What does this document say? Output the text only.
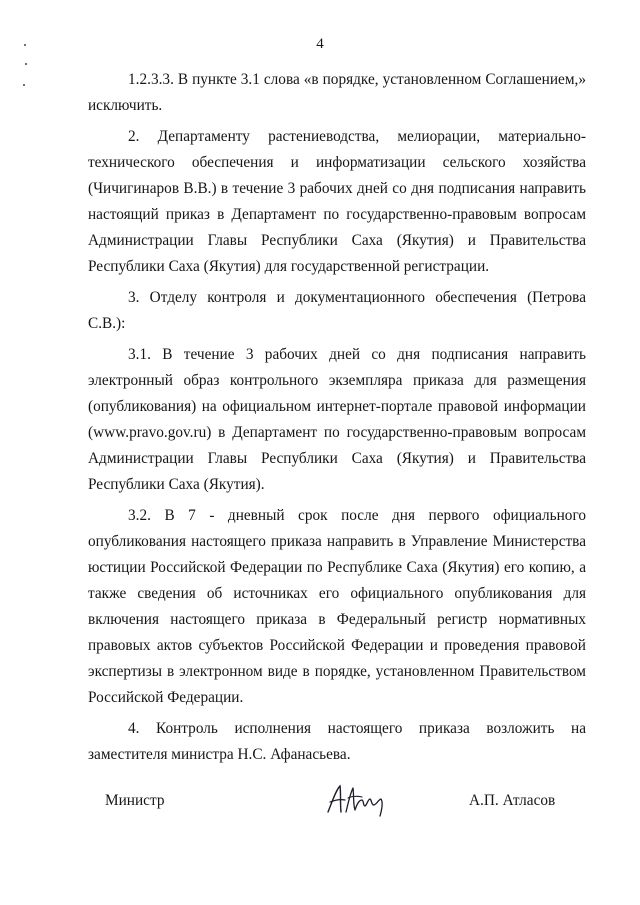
4

1.2.3.3. В пункте 3.1 слова «в порядке, установленном Соглашением,» исключить.

2. Департаменту растениеводства, мелиорации, материально-технического обеспечения и информатизации сельского хозяйства (Чичигинаров В.В.) в течение 3 рабочих дней со дня подписания направить настоящий приказ в Департамент по государственно-правовым вопросам Администрации Главы Республики Саха (Якутия) и Правительства Республики Саха (Якутия) для государственной регистрации.

3. Отделу контроля и документационного обеспечения (Петрова С.В.):

3.1. В течение 3 рабочих дней со дня подписания направить электронный образ контрольного экземпляра приказа для размещения (опубликования) на официальном интернет-портале правовой информации (www.pravo.gov.ru) в Департамент по государственно-правовым вопросам Администрации Главы Республики Саха (Якутия) и Правительства Республики Саха (Якутия).

3.2. В 7 - дневный срок после дня первого официального опубликования настоящего приказа направить в Управление Министерства юстиции Российской Федерации по Республике Саха (Якутия) его копию, а также сведения об источниках его официального опубликования для включения настоящего приказа в Федеральный регистр нормативных правовых актов субъектов Российской Федерации и проведения правовой экспертизы в электронном виде в порядке, установленном Правительством Российской Федерации.

4. Контроль исполнения настоящего приказа возложить на заместителя министра Н.С. Афанасьева.

Министр	А.П. Атласов
